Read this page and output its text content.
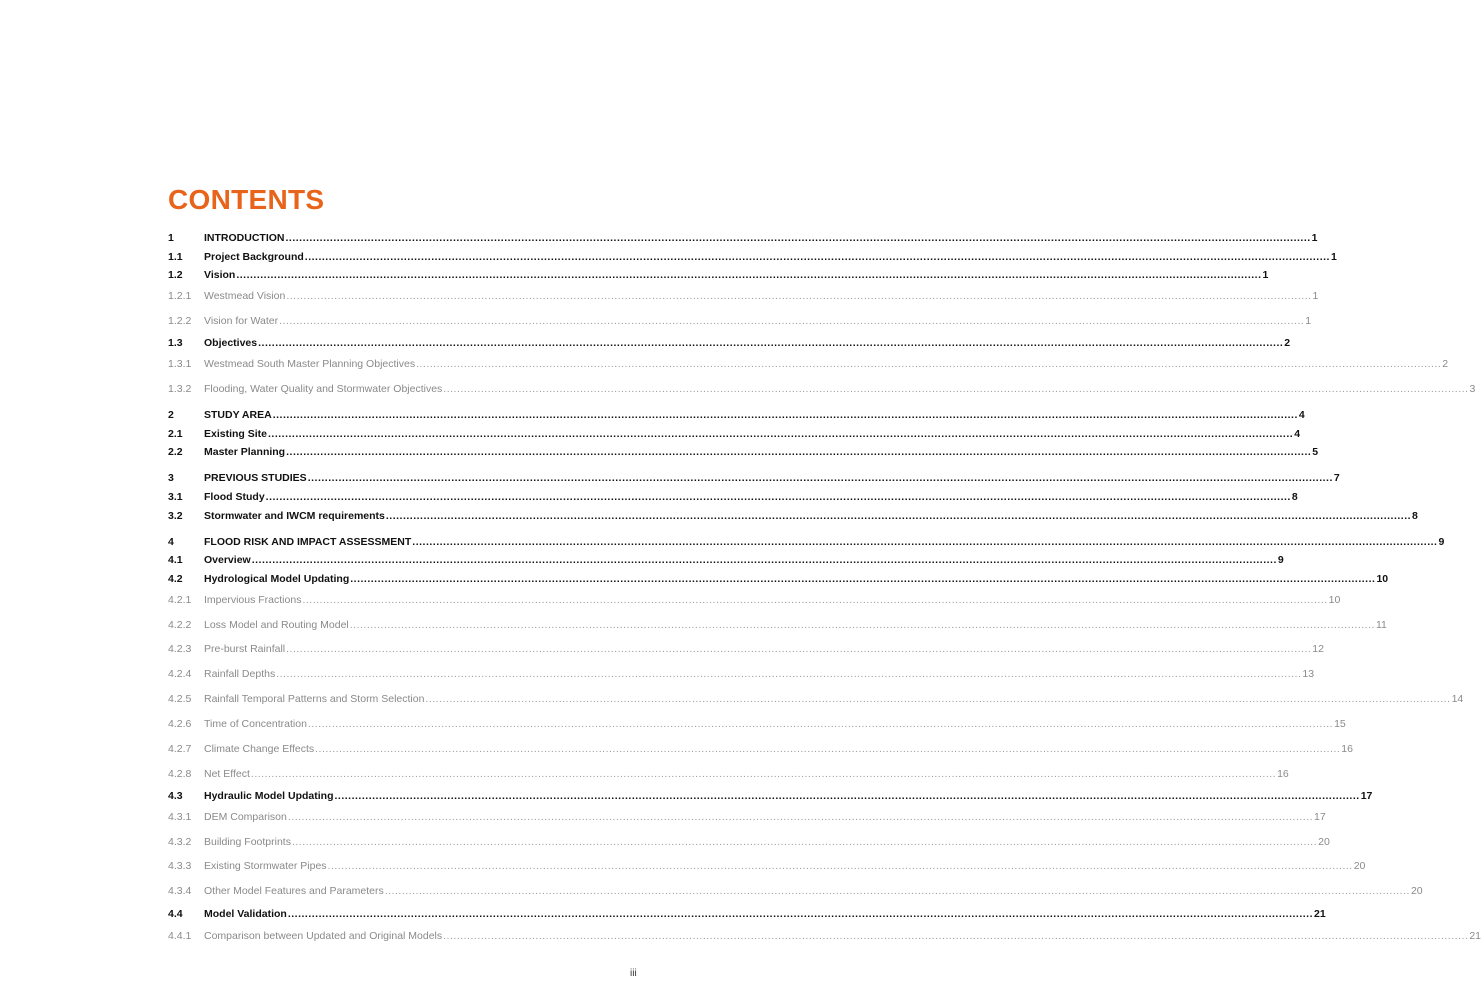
CONTENTS
1	INTRODUCTION ............................................................................................................................................................................................................................................................................................................ 1
1.1	Project Background ............................................................................................................................................................................................................................................................................................................ 1
1.2	Vision ............................................................................................................................................................................................................................................................................................................ 1
1.2.1	Westmead Vision ............................................................................................................................................................................................................................................................................................................ 1
1.2.2	Vision for Water ............................................................................................................................................................................................................................................................................................................ 1
1.3	Objectives ............................................................................................................................................................................................................................................................................................................ 2
1.3.1	Westmead South Master Planning Objectives ............................................................................................................................................................................................................................................................................................................ 2
1.3.2	Flooding, Water Quality and Stormwater Objectives ............................................................................................................................................................................................................................................................................................................ 3
2	STUDY AREA ............................................................................................................................................................................................................................................................................................................ 4
2.1	Existing Site ............................................................................................................................................................................................................................................................................................................ 4
2.2	Master Planning ............................................................................................................................................................................................................................................................................................................ 5
3	PREVIOUS STUDIES ............................................................................................................................................................................................................................................................................................................ 7
3.1	Flood Study ............................................................................................................................................................................................................................................................................................................ 8
3.2	Stormwater and IWCM requirements ............................................................................................................................................................................................................................................................................................................ 8
4	FLOOD RISK AND IMPACT ASSESSMENT ............................................................................................................................................................................................................................................................................................................ 9
4.1	Overview ............................................................................................................................................................................................................................................................................................................ 9
4.2	Hydrological Model Updating ............................................................................................................................................................................................................................................................................................................ 10
4.2.1	Impervious Fractions ............................................................................................................................................................................................................................................................................................................ 10
4.2.2	Loss Model and Routing Model ............................................................................................................................................................................................................................................................................................................ 11
4.2.3	Pre-burst Rainfall ............................................................................................................................................................................................................................................................................................................ 12
4.2.4	Rainfall Depths ............................................................................................................................................................................................................................................................................................................ 13
4.2.5	Rainfall Temporal Patterns and Storm Selection ............................................................................................................................................................................................................................................................................................................ 14
4.2.6	Time of Concentration ............................................................................................................................................................................................................................................................................................................ 15
4.2.7	Climate Change Effects ............................................................................................................................................................................................................................................................................................................ 16
4.2.8	Net Effect ............................................................................................................................................................................................................................................................................................................ 16
4.3	Hydraulic Model Updating ............................................................................................................................................................................................................................................................................................................ 17
4.3.1	DEM Comparison ............................................................................................................................................................................................................................................................................................................ 17
4.3.2	Building Footprints ............................................................................................................................................................................................................................................................................................................ 20
4.3.3	Existing Stormwater Pipes ............................................................................................................................................................................................................................................................................................................ 20
4.3.4	Other Model Features and Parameters ............................................................................................................................................................................................................................................................................................................ 20
4.4	Model Validation ............................................................................................................................................................................................................................................................................................................ 21
4.4.1	Comparison between Updated and Original Models ............................................................................................................................................................................................................................................................................................................ 21
iii
